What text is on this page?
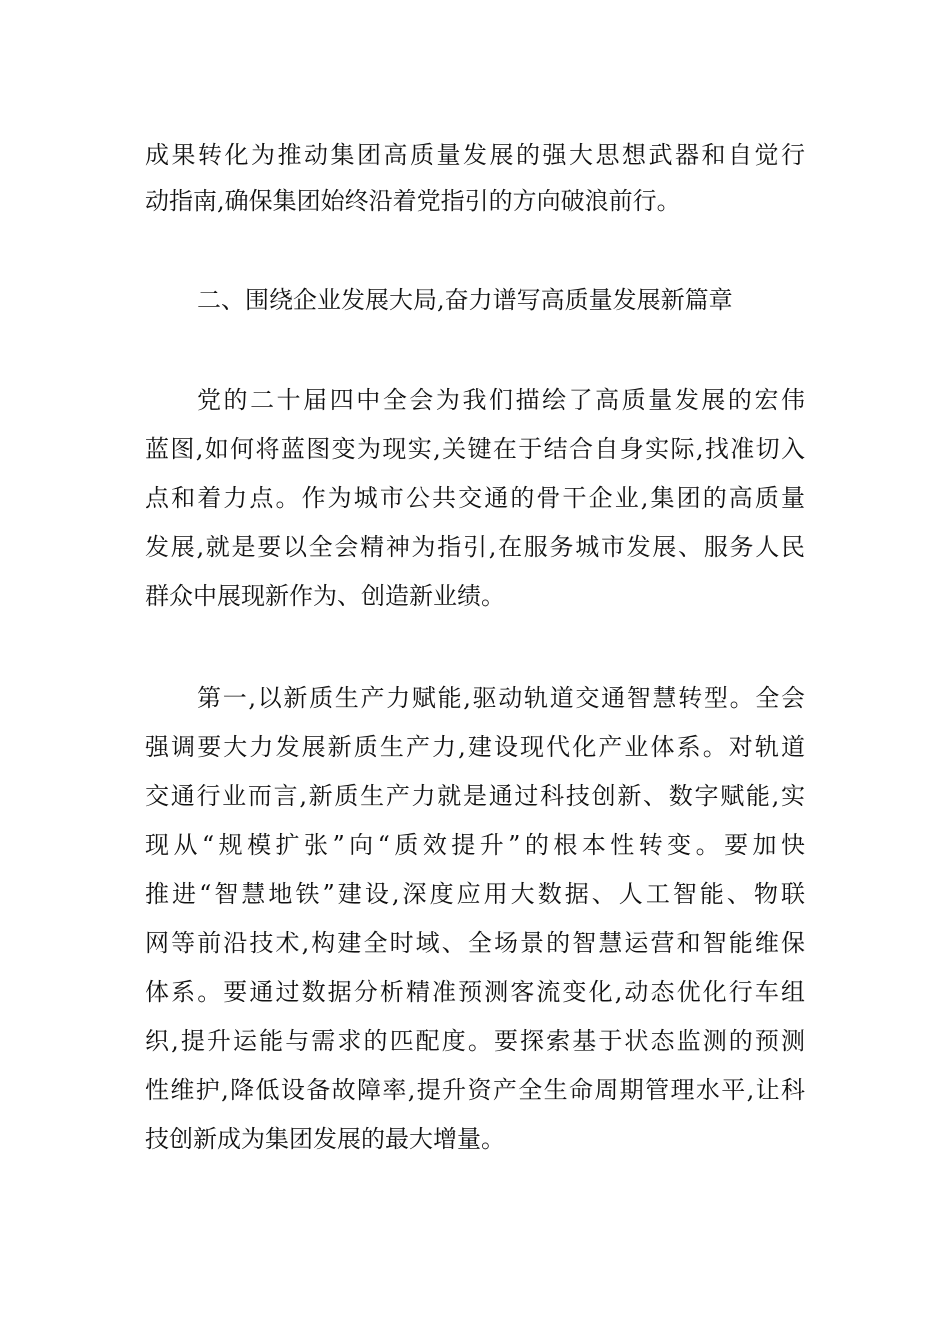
成果转化为推动集团高质量发展的强大思想武器和自觉行
动指南,确保集团始终沿着党指引的方向破浪前行。
二、围绕企业发展大局,奋力谱写高质量发展新篇章
党的二十届四中全会为我们描绘了高质量发展的宏伟
蓝图,如何将蓝图变为现实,关键在于结合自身实际,找准切入
点和着力点。作为城市公共交通的骨干企业,集团的高质量
发展,就是要以全会精神为指引,在服务城市发展、服务人民
群众中展现新作为、创造新业绩。
第一,以新质生产力赋能,驱动轨道交通智慧转型。全会
强调要大力发展新质生产力,建设现代化产业体系。对轨道
交通行业而言,新质生产力就是通过科技创新、数字赋能,实
现从“规模扩张”向“质效提升”的根本性转变。要加快
推进“智慧地铁”建设,深度应用大数据、人工智能、物联
网等前沿技术,构建全时域、全场景的智慧运营和智能维保
体系。要通过数据分析精准预测客流变化,动态优化行车组
织,提升运能与需求的匹配度。要探索基于状态监测的预测
性维护,降低设备故障率,提升资产全生命周期管理水平,让科
技创新成为集团发展的最大增量。
